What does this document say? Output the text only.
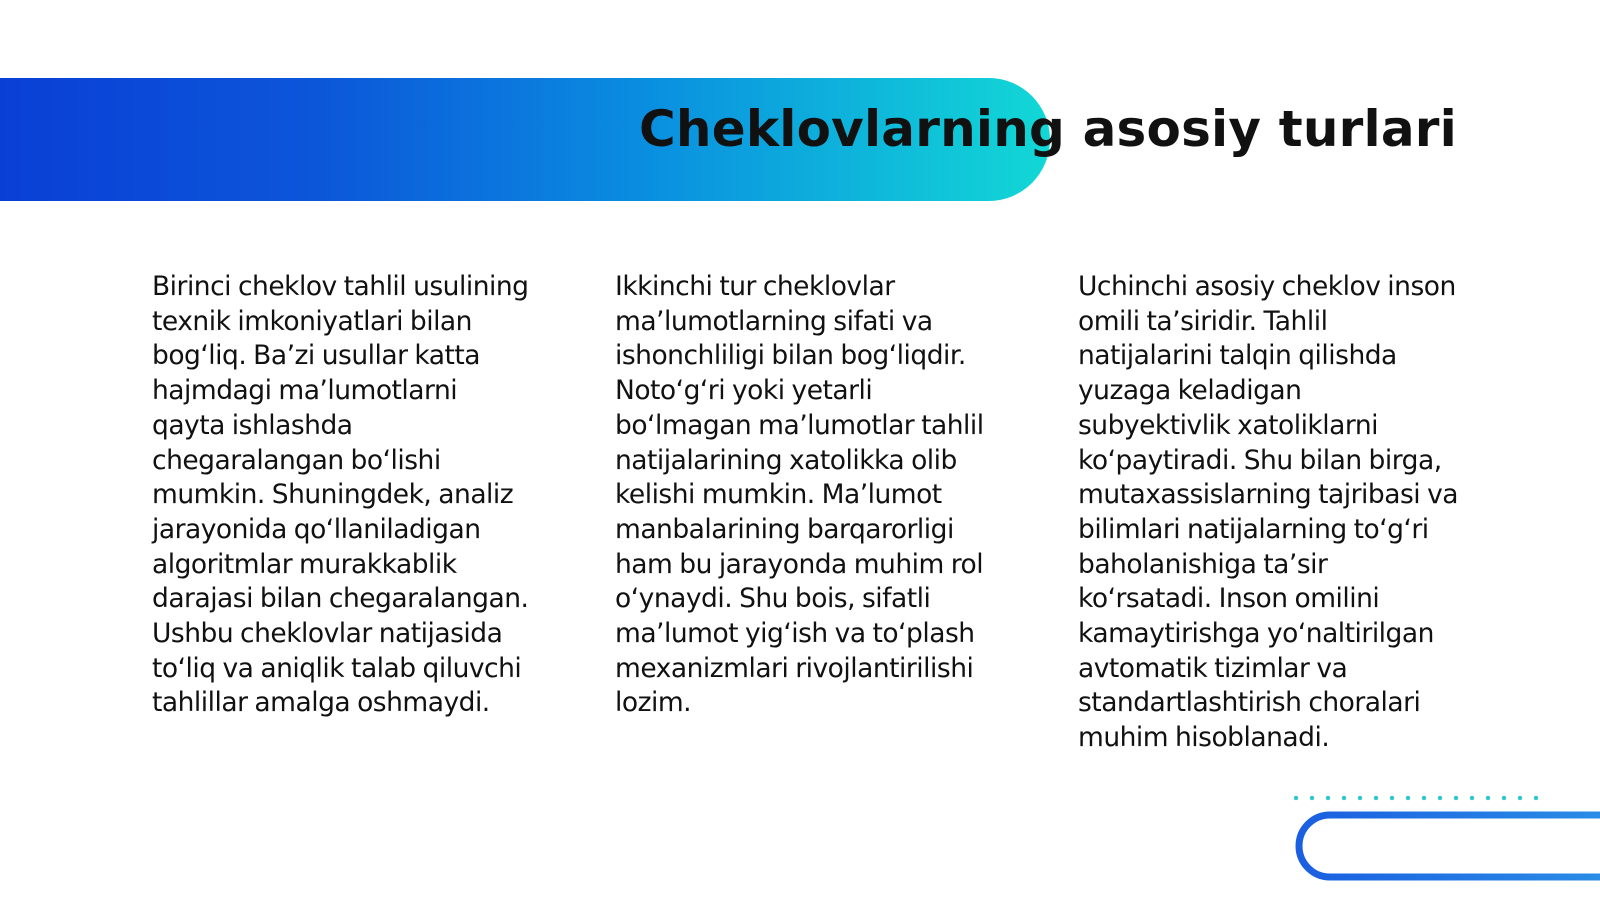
Cheklovlarning asosiy turlari

Birinci cheklov tahlil usulining texnik imkoniyatlari bilan bog‘liq. Ba’zi usullar katta hajmdagi ma’lumotlarni qayta ishlashda chegaralangan bo‘lishi mumkin. Shuningdek, analiz jarayonida qo‘llaniladigan algoritmlar murakkablik darajasi bilan chegaralangan. Ushbu cheklovlar natijasida to‘liq va aniqlik talab qiluvchi tahlillar amalga oshmaydi.

Ikkinchi tur cheklovlar ma’lumotlarning sifati va ishonchliligi bilan bog‘liqdir. Noto‘g‘ri yoki yetarli bo‘lmagan ma’lumotlar tahlil natijalarining xatolikka olib kelishi mumkin. Ma’lumot manbalarining barqarorligi ham bu jarayonda muhim rol o‘ynaydi. Shu bois, sifatli ma’lumot yig‘ish va to‘plash mexanizmlari rivojlantirilishi lozim.

Uchinchi asosiy cheklov inson omili ta’siridir. Tahlil natijalarini talqin qilishda yuzaga keladigan subyektivlik xatoliklarni ko‘paytiradi. Shu bilan birga, mutaxassislarning tajribasi va bilimlari natijalarning to‘g‘ri baholanishiga ta’sir ko‘rsatadi. Inson omilini kamaytirishga yo‘naltirilgan avtomatik tizimlar va standartlashtirish choralari muhim hisoblanadi.
